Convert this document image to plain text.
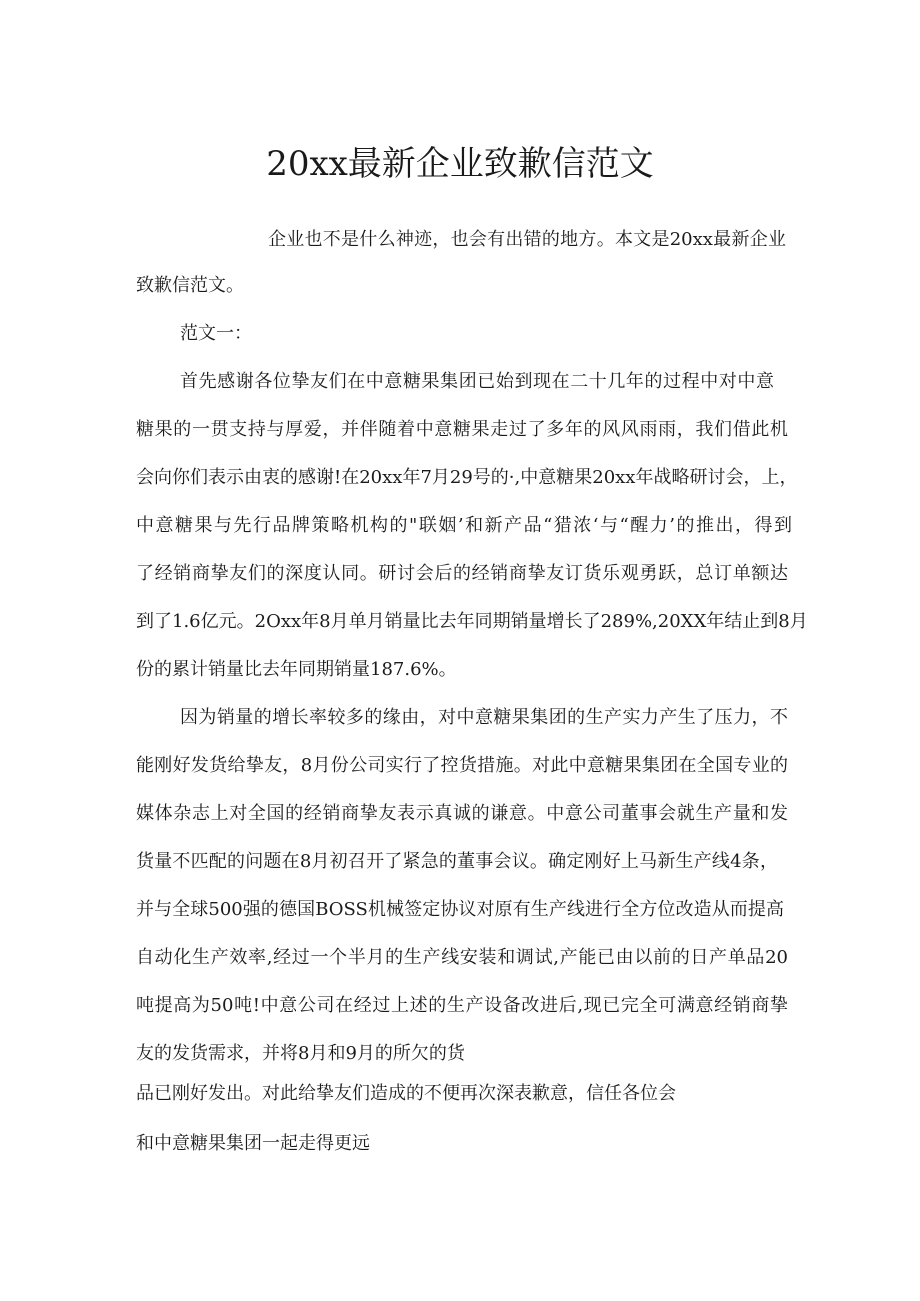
20xx最新企业致歉信范文
企业也不是什么神迹，也会有出错的地方。本文是20xx最新企业
致歉信范文。
范文一：
首先感谢各位挚友们在中意糖果集团已始到现在二十几年的过程中对中意
糖果的一贯支持与厚爱，并伴随着中意糖果走过了多年的风风雨雨，我们借此机
会向你们表示由衷的感谢!在20xx年7月29号的·,中意糖果20xx年战略研讨会，上，
中意糖果与先行品牌策略机构的"联姻’和新产品“猎浓‘与“醒力’的推出，得到
了经销商挚友们的深度认同。研讨会后的经销商挚友订货乐观勇跃，总订单额达
到了1.6亿元。2Oxx年8月单月销量比去年同期销量增长了289%,20XX年结止到8月
份的累计销量比去年同期销量187.6%。
因为销量的增长率较多的缘由，对中意糖果集团的生产实力产生了压力，不
能刚好发货给挚友，8月份公司实行了控货措施。对此中意糖果集团在全国专业的
媒体杂志上对全国的经销商挚友表示真诚的谦意。中意公司董事会就生产量和发
货量不匹配的问题在8月初召开了紧急的董事会议。确定刚好上马新生产线4条，
并与全球500强的德国BOSS机械签定协议对原有生产线进行全方位改造从而提高
自动化生产效率,经过一个半月的生产线安装和调试,产能已由以前的日产单品20
吨提高为50吨!中意公司在经过上述的生产设备改进后,现已完全可满意经销商挚
友的发货需求，并将8月和9月的所欠的货
品已刚好发出。对此给挚友们造成的不便再次深表歉意，信任各位会
和中意糖果集团一起走得更远
